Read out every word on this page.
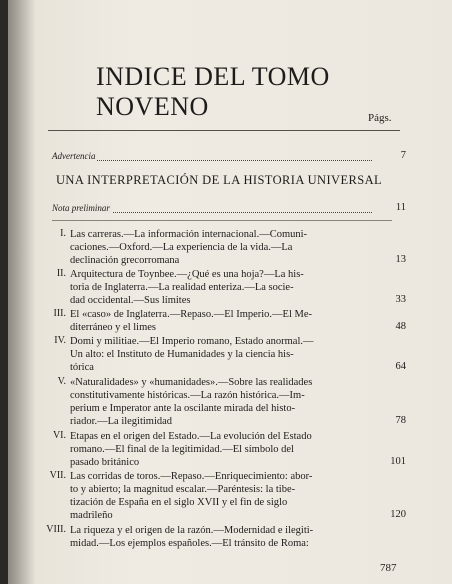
INDICE DEL TOMO NOVENO	Págs.
Advertencia	7
UNA INTERPRETACIÓN DE LA HISTORIA UNIVERSAL
Nota preliminar	11
I. Las carreras.—La información internacional.—Comuni-
caciones.—Oxford.—La experiencia de la vida.—La
declinación grecorromana	13
II. Arquitectura de Toynbee.—¿Qué es una hoja?—La his-
toria de Inglaterra.—La realidad enteriza.—La socie-
dad occidental.—Sus límites	33
III. El «caso» de Inglaterra.—Repaso.—El Imperio.—El Me-
diterráneo y el limes	48
IV. Domi y militiae.—El Imperio romano, Estado anormal.—
Un alto: el Instituto de Humanidades y la ciencia his-
tórica	64
V. «Naturalidades» y «humanidades».—Sobre las realidades
constitutivamente históricas.—La razón histórica.—Im-
perium e Imperator ante la oscilante mirada del histo-
riador.—La ilegitimidad	78
VI. Etapas en el origen del Estado.—La evolución del Estado
romano.—El final de la legitimidad.—El símbolo del
pasado británico	101
VII. Las corridas de toros.—Repaso.—Enriquecimiento: abor-
to y abierto; la magnitud escalar.—Paréntesis: la tibe-
tización de España en el siglo XVII y el fin de siglo
madrileño	120
VIII. La riqueza y el origen de la razón.—Modernidad e ilegiti-
midad.—Los ejemplos españoles.—El tránsito de Roma:
787
